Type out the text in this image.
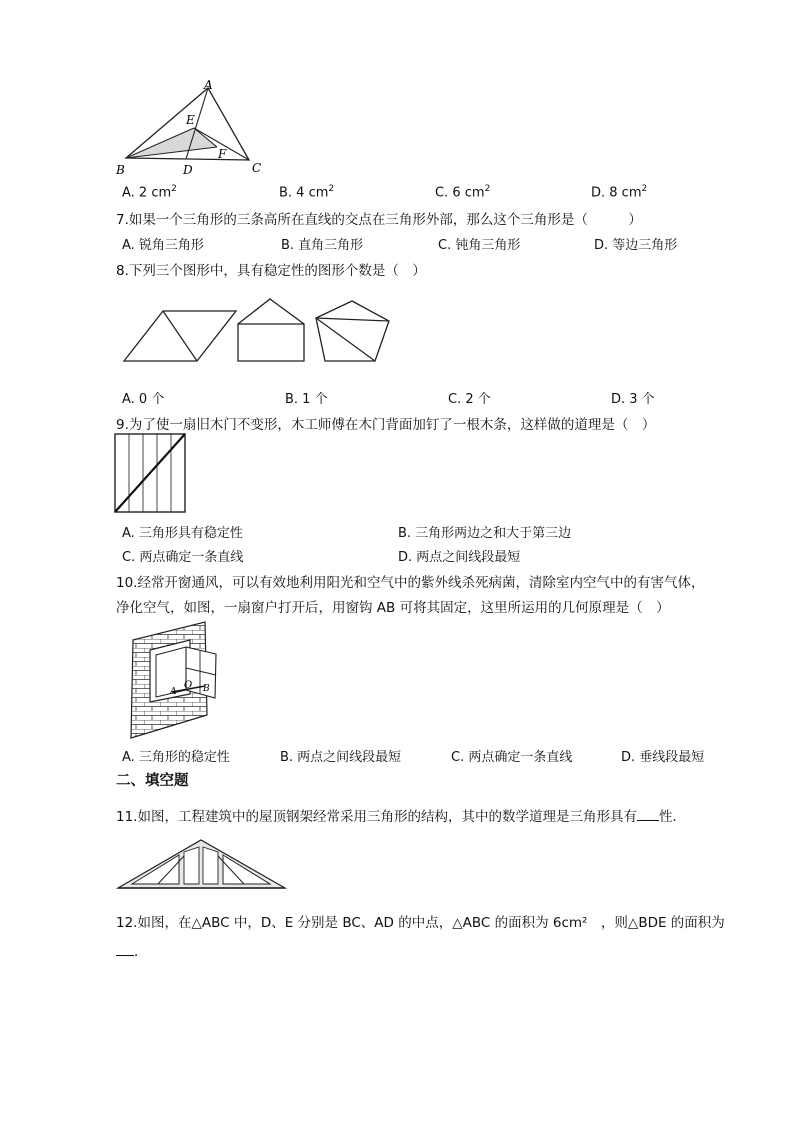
A
B	C
D
E
F
A. 2 $cm^2$	B. 4 $cm^2$	C. 6 $cm^2$	D. 8 $cm^2$
7.如果一个三角形的三条高所在直线的交点在三角形外部，那么这个三角形是（　　　）
A. 锐角三角形	B. 直角三角形	C. 钝角三角形	D. 等边三角形
8.下列三个图形中，具有稳定性的图形个数是（　）
A. 0 个	B. 1 个	C. 2 个	D. 3 个
9.为了使一扇旧木门不变形，木工师傅在木门背面加钉了一根木条，这样做的道理是（　）
A. 三角形具有稳定性	B. 三角形两边之和大于第三边
C. 两点确定一条直线	D. 两点之间线段最短
10.经常开窗通风，可以有效地利用阳光和空气中的紫外线杀死病菌，清除室内空气中的有害气体，
净化空气，如图，一扇窗户打开后，用窗钩 AB 可将其固定，这里所运用的几何原理是（　）
O
A	B
A. 三角形的稳定性	B. 两点之间线段最短	C. 两点确定一条直线	D. 垂线段最短
二、填空题
11.如图，工程建筑中的屋顶钢架经常采用三角形的结构，其中的数学道理是三角形具有 性．
12.如图，在△ABC 中，D、E 分别是 BC、AD 的中点，△ABC 的面积为 6cm²　，则△BDE 的面积为
．
